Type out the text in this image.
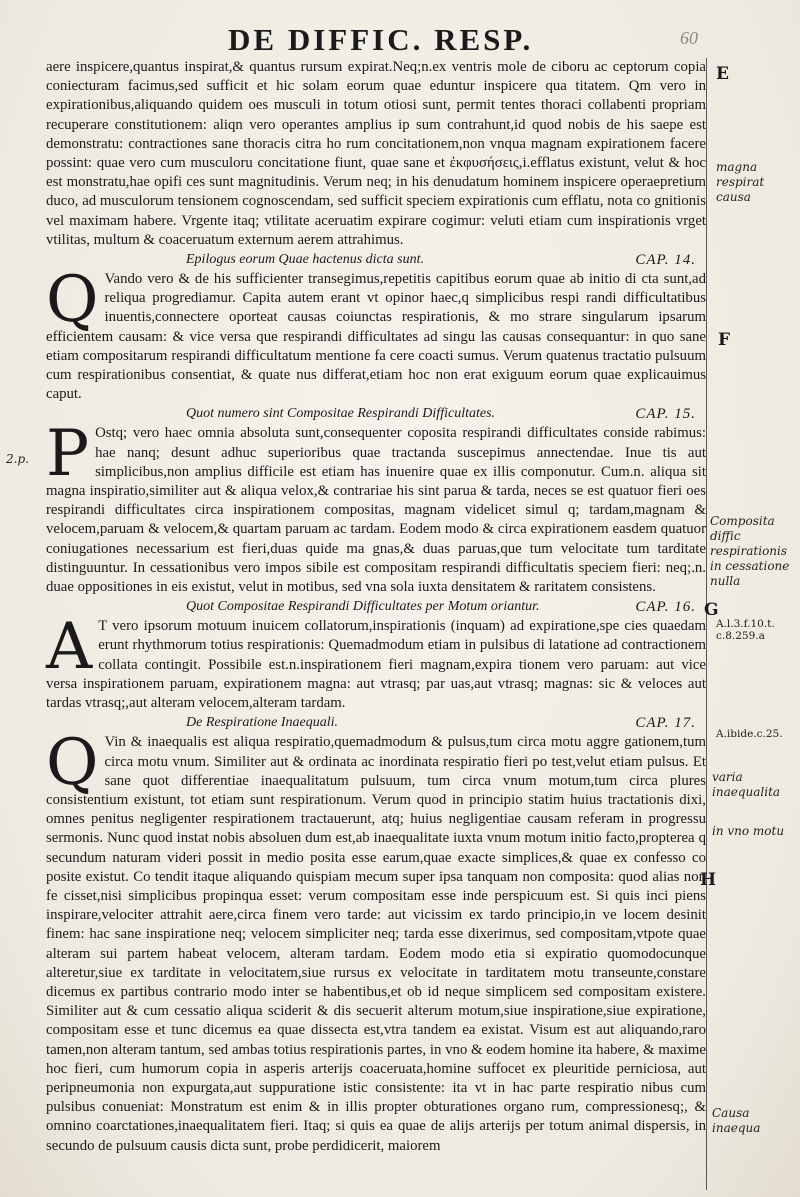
DE DIFFIC. RESP.	60

aere inspicere,quantus inspirat,& quantus rursum expirat.Neq;n.ex ventris mole de ciboru ac ceptorum copia coniecturam facimus,sed sufficit et hic solam eorum quae eduntur inspicere qua titatem. Qm vero in expirationibus,aliquando quidem oes musculi in totum otiosi sunt, permit tentes thoraci collabenti propriam recuperare constitutionem: aliqn vero operantes amplius ip sum contrahunt,id quod nobis de his saepe est demonstratu: contractiones sane thoracis citra ho rum concitationem,non vnqua magnam expirationem facere possint: quae vero cum musculoru concitatione fiunt, quae sane et ἐκφυσήσεις,i.efflatus existunt, velut & hoc est monstratu,hae opifi ces sunt magnitudinis. Verum neq; in his denudatum hominem inspicere operaepretium duco, ad musculorum tensionem cognoscendam, sed sufficit speciem expirationis cum efflatu, nota co gnitionis vel maximam habere. Vrgente itaq; vtilitate aceruatim expirare cogimur: veluti etiam cum inspirationis vrget vtilitas, multum & coaceruatum externum aerem attrahimus.

Epilogus eorum Quae hactenus dicta sunt.	CAP. 14.
Q Vando vero & de his sufficienter transegimus,repetitis capitibus eorum quae ab initio di cta sunt,ad reliqua progrediamur. Capita autem erant vt opinor haec,q simplicibus respi randi difficultatibus inuentis,connectere oporteat causas coiunctas respirationis, & mo strare singularum ipsarum efficientem causam: & vice versa que respirandi difficultates ad singu las causas consequantur: in quo sane etiam compositarum respirandi difficultatum mentione fa cere coacti sumus. Verum quatenus tractatio pulsuum cum respirationibus consentiat, & quate nus differat,etiam hoc non erat exiguum eorum quae explicauimus caput.

Quot numero sint Compositae Respirandi Difficultates.	CAP. 15.
P Ostq; vero haec omnia absoluta sunt,consequenter coposita respirandi difficultates conside rabimus: hae nanq; desunt adhuc superioribus quae tractanda suscepimus annectendae. Inue tis aut simplicibus,non amplius difficile est etiam has inuenire quae ex illis componutur. Cum.n. aliqua sit magna inspiratio,similiter aut & aliqua velox,& contrariae his sint parua & tarda, neces se est quatuor fieri oes respirandi difficultates circa inspirationem compositas, magnam videlicet simul q; tardam,magnam & velocem,paruam & velocem,& quartam paruam ac tardam. Eodem modo & circa expirationem easdem quatuor coniugationes necessarium est fieri,duas quide ma gnas,& duas paruas,que tum velocitate tum tarditate distinguuntur. In cessationibus vero impos sibile est compositam respirandi difficultatis speciem fieri: neq;.n. duae oppositiones in eis existut, velut in motibus, sed vna sola iuxta densitatem & raritatem consistens.

Quot Compositae Respirandi Difficultates per Motum oriantur.	CAP. 16.
A T vero ipsorum motuum inuicem collatorum,inspirationis (inquam) ad expiratione,spe cies quaedam erunt rhythmorum totius respirationis: Quemadmodum etiam in pulsibus di latatione ad contractionem collata contingit. Possibile est.n.inspirationem fieri magnam,expira tionem vero paruam: aut vice versa inspirationem paruam, expirationem magna: aut vtrasq; par uas,aut vtrasq; magnas: sic & veloces aut tardas vtrasq;,aut alteram velocem,alteram tardam.

De Respiratione Inaequali.	CAP. 17.
Q Vin & inaequalis est aliqua respiratio,quemadmodum & pulsus,tum circa motu aggre gationem,tum circa motu vnum. Similiter aut & ordinata ac inordinata respiratio fieri po test,velut etiam pulsus. Et sane quot differentiae inaequalitatum pulsuum, tum circa vnum motum,tum circa plures consistentium existunt, tot etiam sunt respirationum. Verum quod in principio statim huius tractationis dixi, omnes penitus negligenter respirationem tractauerunt, atq; huius negligentiae causam referam in progressu sermonis. Nunc quod instat nobis absoluen dum est,ab inaequalitate iuxta vnum motum initio facto,propterea q secundum naturam videri possit in medio posita esse earum,quae exacte simplices,& quae ex confesso co posite existut. Co tendit itaque aliquando quispiam mecum super ipsa tanquam non composita: quod alias non fe cisset,nisi simplicibus propinqua esset: verum compositam esse inde perspicuum est. Si quis inci piens inspirare,velociter attrahit aere,circa finem vero tarde: aut vicissim ex tardo principio,in ve locem desinit finem: hac sane inspiratione neq; velocem simpliciter neq; tarda esse dixerimus, sed compositam,vtpote quae alteram sui partem habeat velocem, alteram tardam. Eodem modo etia si expiratio quomodocunque alteretur,siue ex tarditate in velocitatem,siue rursus ex velocitate in tarditatem motu transeunte,constare dicemus ex partibus contrario modo inter se habentibus,et ob id neque simplicem sed compositam existere. Similiter aut & cum cessatio aliqua sciderit & dis secuerit alterum motum,siue inspiratione,siue expiratione, compositam esse et tunc dicemus ea quae dissecta est,vtra tandem ea existat. Visum est aut aliquando,raro tamen,non alteram tantum, sed ambas totius respirationis partes, in vno & eodem homine ita habere, & maxime hoc fieri, cum humorum copia in asperis arterijs coaceruata,homine suffocet ex pleuritide perniciosa, aut peripneumonia non expurgata,aut suppuratione istic consistente: ita vt in hac parte respiratio nibus cum pulsibus conueniat: Monstratum est enim & in illis propter obturationes organo rum, compressionesq;, & omnino coarctationes,inaequalitatem fieri. Itaq; si quis ea quae de alijs arterijs per totum animal dispersis, in secundo de pulsuum causis dicta sunt, probe perdidicerit, maiorem

2.p.
E
F
G
H
A.l.3.f.10.t. c.8.259.a
A.ibide.c.25.
magna respirat causa
Composita diffic respirationis in cessatione nulla
varia inaequalita
in vno motu
Causa inaequa
